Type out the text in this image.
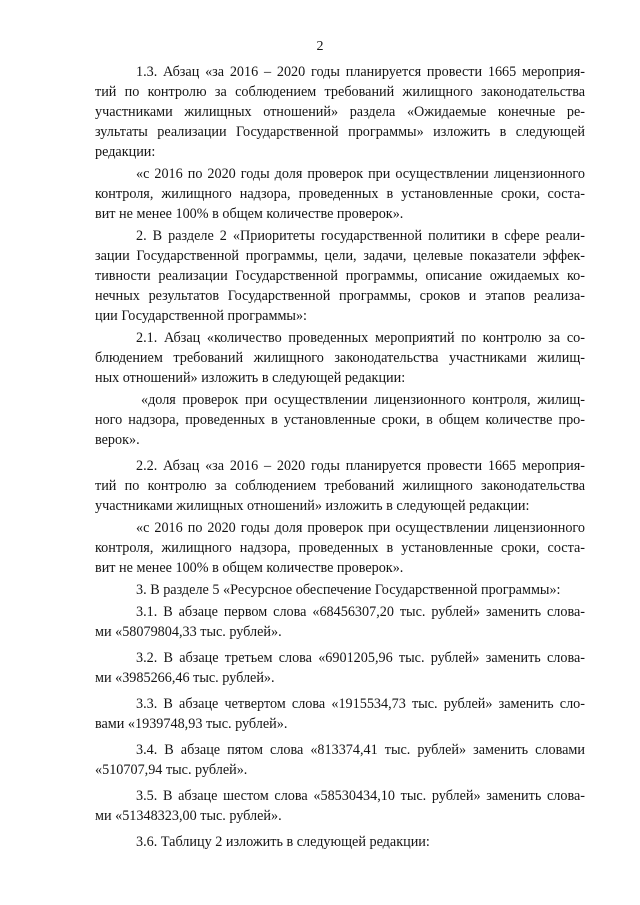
2
1.3. Абзац «за 2016 – 2020 годы планируется провести 1665 мероприя-
тий по контролю за соблюдением требований жилищного законодательства
участниками жилищных отношений» раздела «Ожидаемые конечные ре-
зультаты реализации Государственной программы» изложить в следующей
редакции:
«с 2016 по 2020 годы доля проверок при осуществлении лицензионного
контроля, жилищного надзора, проведенных в установленные сроки, соста-
вит не менее 100% в общем количестве проверок».
2. В разделе 2 «Приоритеты государственной политики в сфере реали-
зации Государственной программы, цели, задачи, целевые показатели эффек-
тивности реализации Государственной программы, описание ожидаемых ко-
нечных результатов Государственной программы, сроков и этапов реализа-
ции Государственной программы»:
2.1. Абзац «количество проведенных мероприятий по контролю за со-
блюдением требований жилищного законодательства участниками жилищ-
ных отношений» изложить в следующей редакции:
«доля проверок при осуществлении лицензионного контроля, жилищ-
ного надзора, проведенных в установленные сроки, в общем количестве про-
верок».
2.2. Абзац «за 2016 – 2020 годы планируется провести 1665 мероприя-
тий по контролю за соблюдением требований жилищного законодательства
участниками жилищных отношений» изложить в следующей редакции:
«с 2016 по 2020 годы доля проверок при осуществлении лицензионного
контроля, жилищного надзора, проведенных в установленные сроки, соста-
вит не менее 100% в общем количестве проверок».
3. В разделе 5 «Ресурсное обеспечение Государственной программы»:
3.1. В абзаце первом слова «68456307,20 тыс. рублей» заменить слова-
ми «58079804,33 тыс. рублей».
3.2. В абзаце третьем слова «6901205,96 тыс. рублей» заменить слова-
ми «3985266,46 тыс. рублей».
3.3. В абзаце четвертом слова «1915534,73 тыс. рублей» заменить сло-
вами «1939748,93 тыс. рублей».
3.4. В абзаце пятом слова «813374,41 тыс. рублей» заменить словами
«510707,94 тыс. рублей».
3.5. В абзаце шестом слова «58530434,10 тыс. рублей» заменить слова-
ми «51348323,00 тыс. рублей».
3.6. Таблицу 2 изложить в следующей редакции:
